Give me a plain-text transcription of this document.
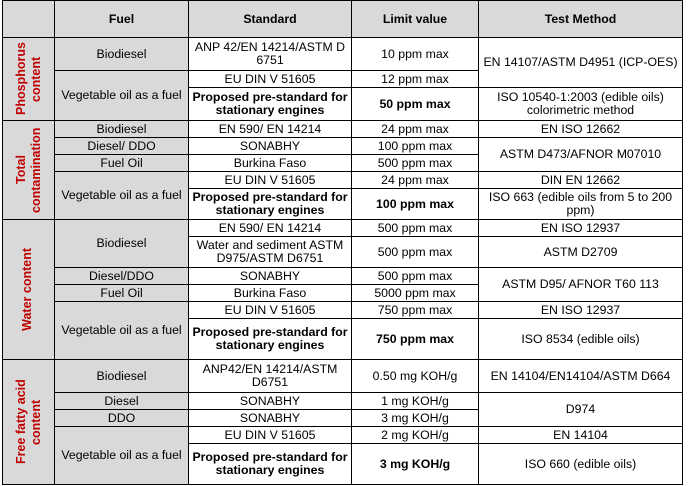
	Fuel	Standard	Limit value	Test Method

Phosphorus content	Biodiesel	ANP 42/EN 14214/ASTM D 6751	10 ppm max	EN 14107/ASTM D4951 (ICP-OES)
	Vegetable oil as a fuel	EU DIN V 51605	12 ppm max	
		Proposed pre-standard for stationary engines	50 ppm max	ISO 10540-1:2003 (edible oils) colorimetric method

Total contamination	Biodiesel	EN 590/ EN 14214	24 ppm max	EN ISO 12662
	Diesel/ DDO	SONABHY	100 ppm max	ASTM D473/AFNOR M07010
	Fuel Oil	Burkina Faso	500 ppm max	
	Vegetable oil as a fuel	EU DIN V 51605	24 ppm max	DIN EN 12662
		Proposed pre-standard for stationary engines	100 ppm max	ISO 663 (edible oils from 5 to 200 ppm)

Water content	Biodiesel	EN 590/ EN 14214	500 ppm max	EN ISO 12937
		Water and sediment ASTM D975/ASTM D6751	500 ppm max	ASTM D2709
	Diesel/DDO	SONABHY	500 ppm max	ASTM D95/ AFNOR T60 113
	Fuel Oil	Burkina Faso	5000 ppm max	
	Vegetable oil as a fuel	EU DIN V 51605	750 ppm max	EN ISO 12937
		Proposed pre-standard for stationary engines	750 ppm max	ISO 8534 (edible oils)

Free fatty acid content	Biodiesel	ANP42/EN 14214/ASTM D6751	0.50 mg KOH/g	EN 14104/EN14104/ASTM D664
	Diesel	SONABHY	1 mg KOH/g	D974
	DDO	SONABHY	3 mg KOH/g	
	Vegetable oil as a fuel	EU DIN V 51605	2 mg KOH/g	EN 14104
		Proposed pre-standard for stationary engines	3 mg KOH/g	ISO 660 (edible oils)
